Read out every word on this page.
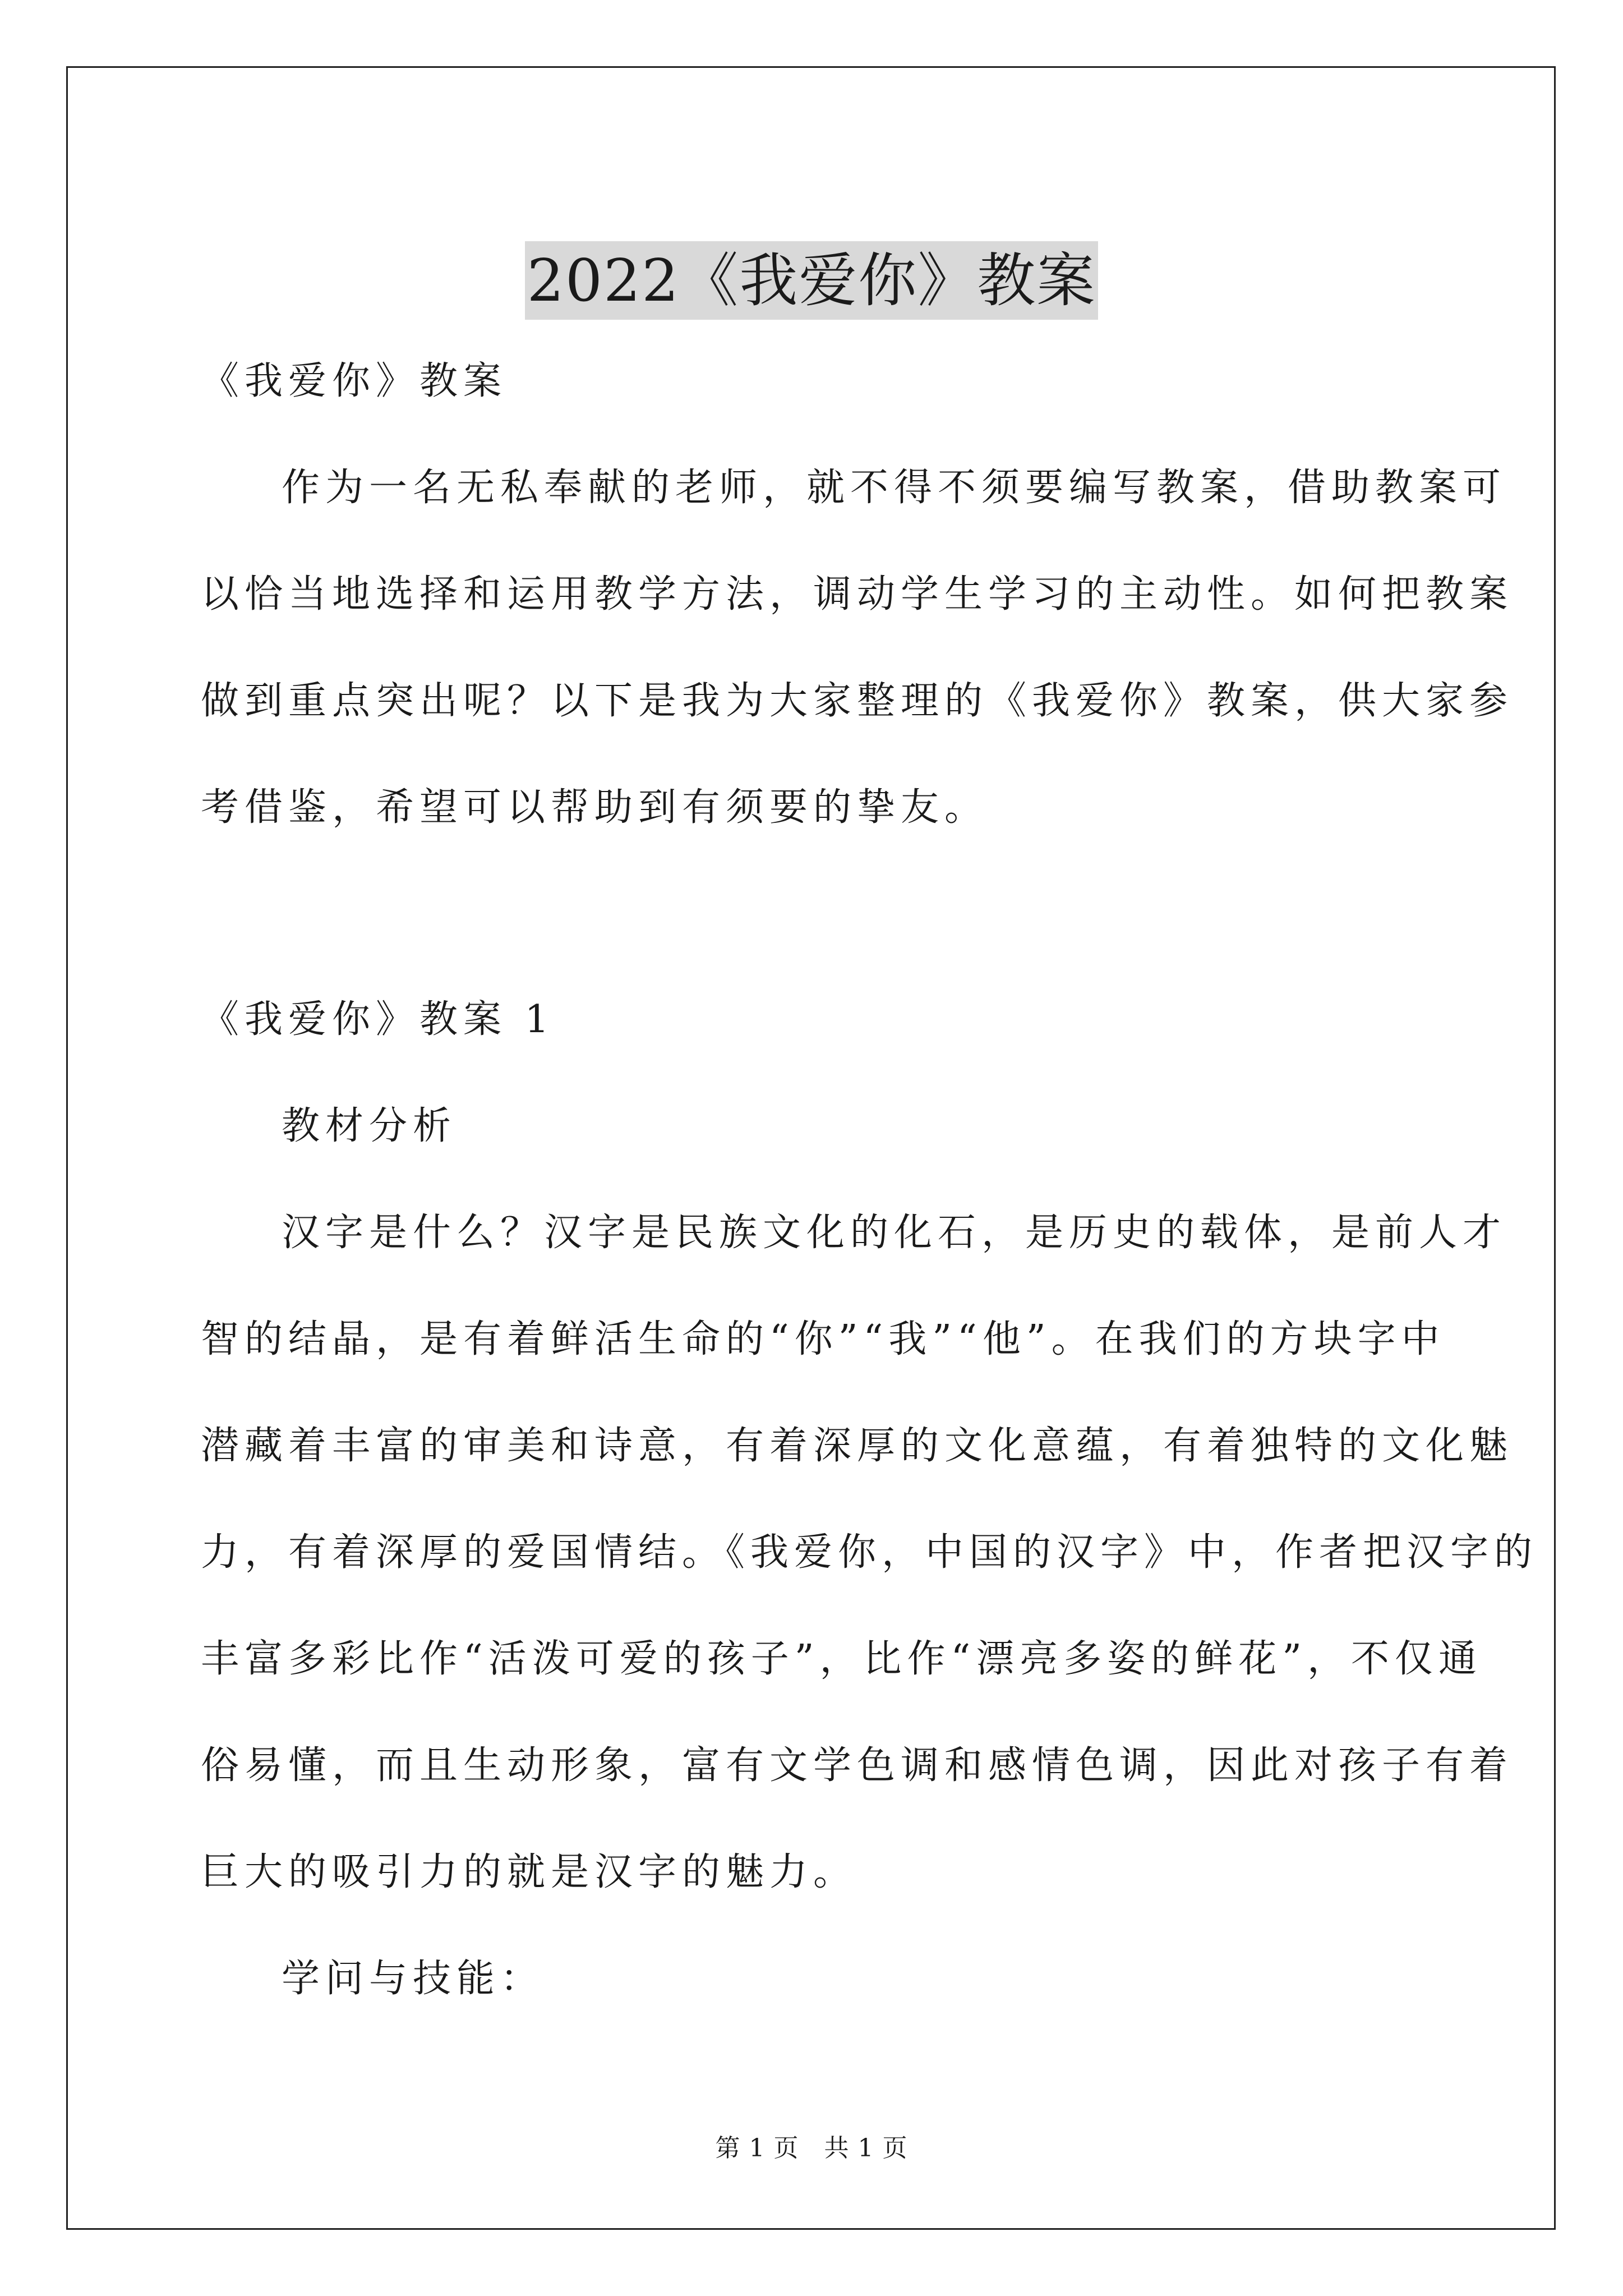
2022《我爱你》教案
《我爱你》教案
作为一名无私奉献的老师，就不得不须要编写教案，借助教案可
以恰当地选择和运用教学方法，调动学生学习的主动性。如何把教案
做到重点突出呢？以下是我为大家整理的《我爱你》教案，供大家参
考借鉴，希望可以帮助到有须要的挚友。
《我爱你》教案 1
教材分析
汉字是什么？汉字是民族文化的化石，是历史的载体，是前人才
智的结晶，是有着鲜活生命的“你”“我”“他”。在我们的方块字中
潜藏着丰富的审美和诗意，有着深厚的文化意蕴，有着独特的文化魅
力，有着深厚的爱国情结。《我爱你，中国的汉字》中，作者把汉字的
丰富多彩比作“活泼可爱的孩子”，比作“漂亮多姿的鲜花”，不仅通
俗易懂，而且生动形象，富有文学色调和感情色调，因此对孩子有着
巨大的吸引力的就是汉字的魅力。
学问与技能：
第 1 页　共 1 页
